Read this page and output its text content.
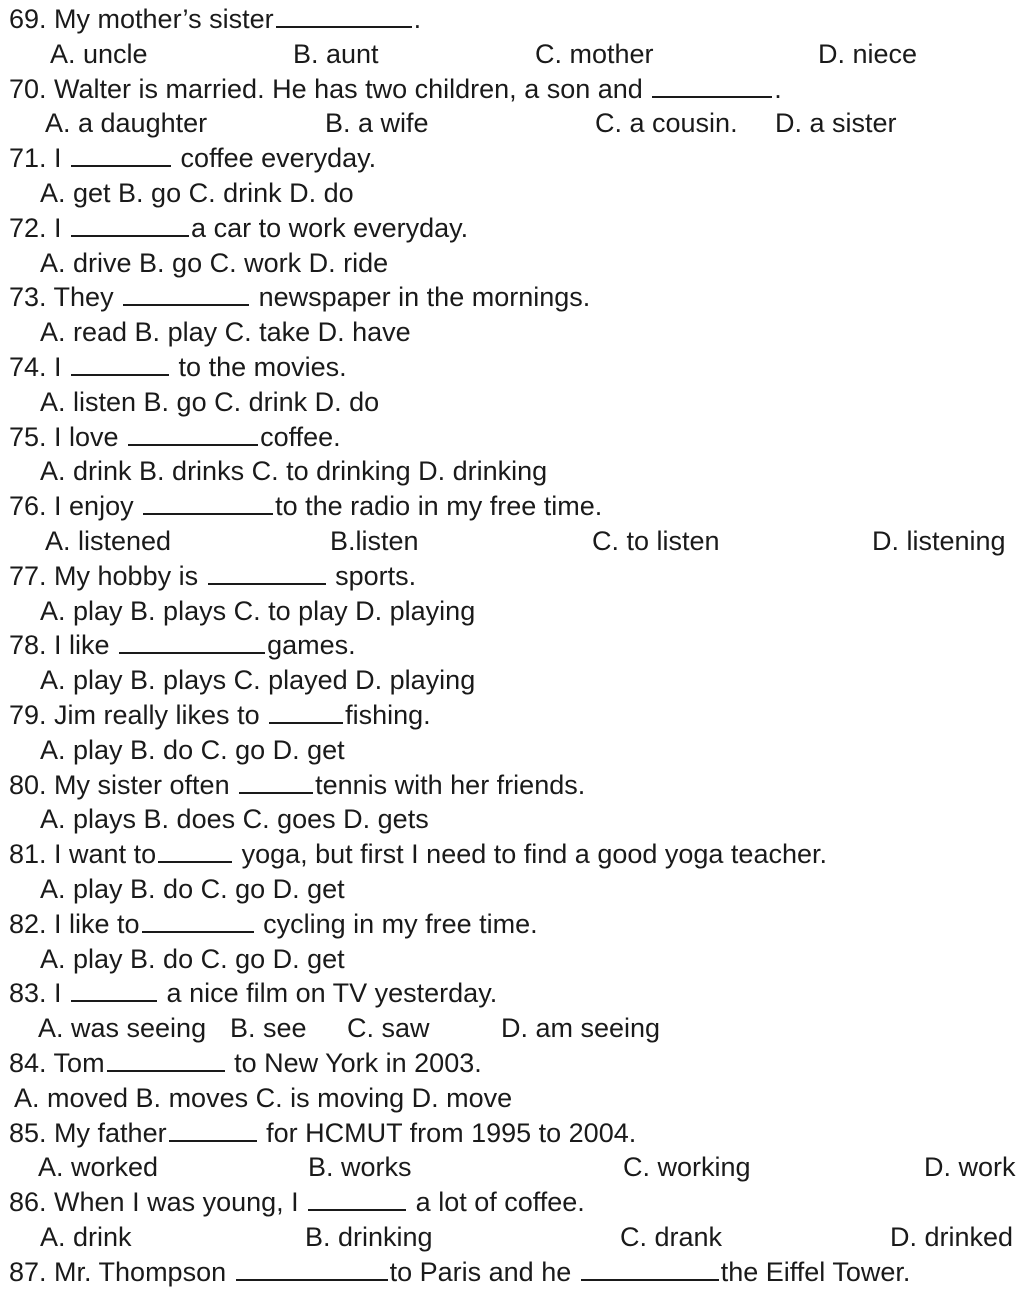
69. My mother’s sister	.
A. uncle	B. aunt	C. mother	D. niece
70. Walter is married. He has two children, a son and	.
A. a daughter	B. a wife	C. a cousin. D. a sister
71. I	coffee everyday.
A. get B. go C. drink D. do
72. I	a car to work everyday.
A. drive B. go C. work D. ride
73. They	newspaper in the mornings.
A. read B. play C. take D. have
74. I	to the movies.
A. listen B. go C. drink D. do
75. I love	coffee.
A. drink B. drinks C. to drinking D. drinking
76. I enjoy	to the radio in my free time.
A. listened	B.listen	C. to listen	D. listening
77. My hobby is	sports.
A. play B. plays C. to play D. playing
78. I like	games.
A. play B. plays C. played D. playing
79. Jim really likes to	fishing.
A. play B. do C. go D. get
80. My sister often	tennis with her friends.
A. plays B. does C. goes D. gets
81. I want to	yoga, but first I need to find a good yoga teacher.
A. play B. do C. go D. get
82. I like to	cycling in my free time.
A. play B. do C. go D. get
83. I	a nice film on TV yesterday.
A. was seeing B. see C. saw	D. am seeing
84. Tom	to New York in 2003.
A. moved B. moves C. is moving D. move
85. My father	for HCMUT from 1995 to 2004.
A. worked	B. works	C. working	D. work
86. When I was young, I	a lot of coffee.
A. drink	B. drinking	C. drank	D. drinked
87. Mr. Thompson	to Paris and he	the Eiffel Tower.
